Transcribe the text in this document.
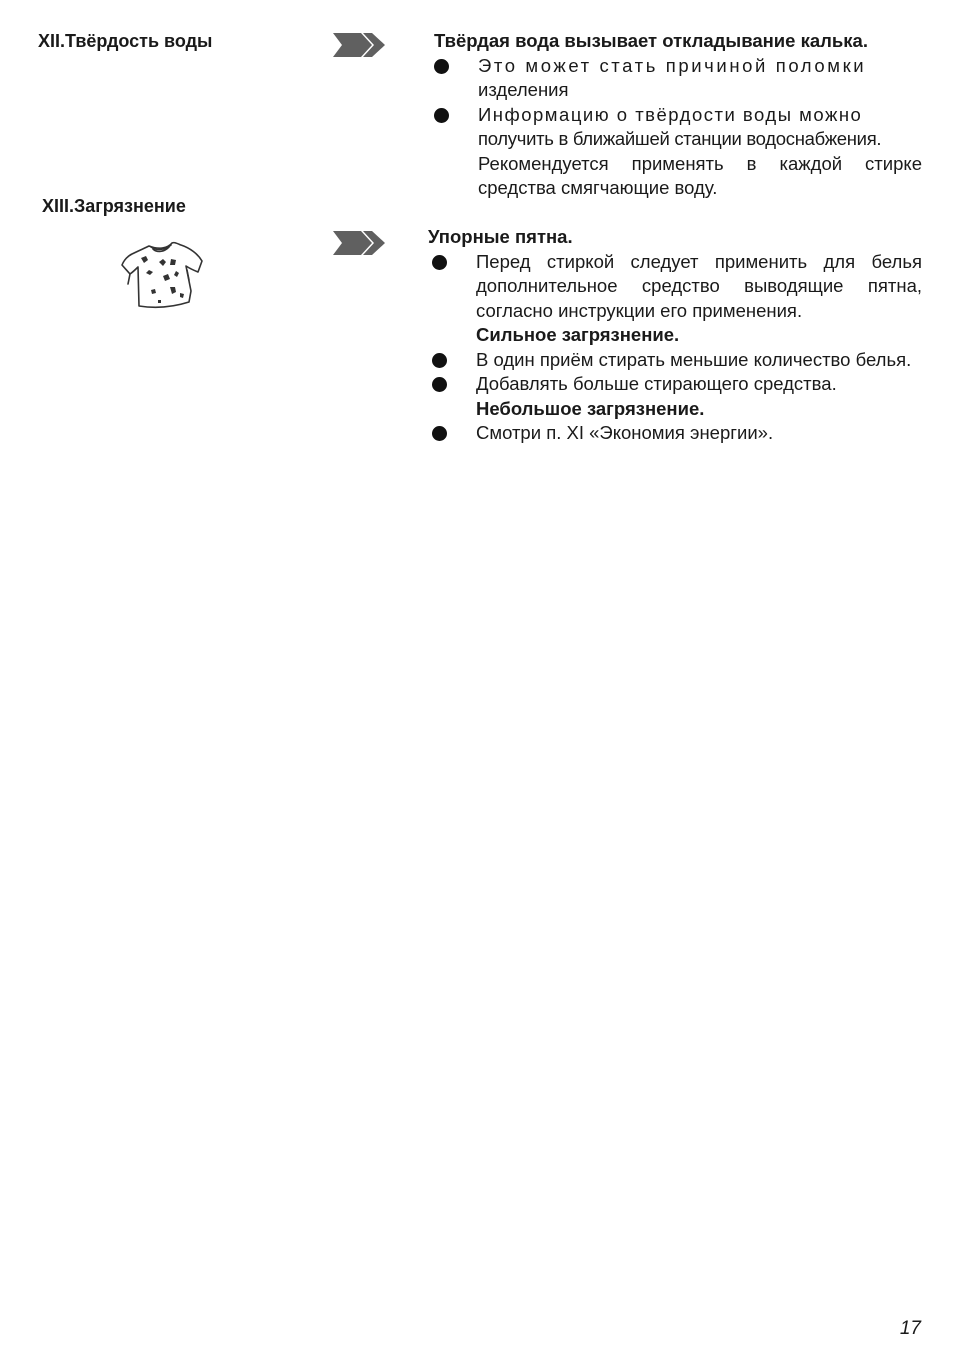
XII.Твёрдость воды	Твёрдая вода вызывает откладывание калька.
Это может стать причиной поломки
изделения
Информацию о твёрдости воды можно
получить в ближайшей станции водоснабжения.
Рекомендуется применять в каждой стирке средства смягчающие воду.
XIII.Загрязнение
Упорные пятна.
Перед стиркой следует применить для белья дополнительное средство выводящие пятна, согласно инструкции его применения.
Сильное загрязнение.
В один приём стирать меньшие количество белья.
Добавлять больше стирающего средства.
Небольшое загрязнение.
Смотри п. XI «Экономия энергии».
17
